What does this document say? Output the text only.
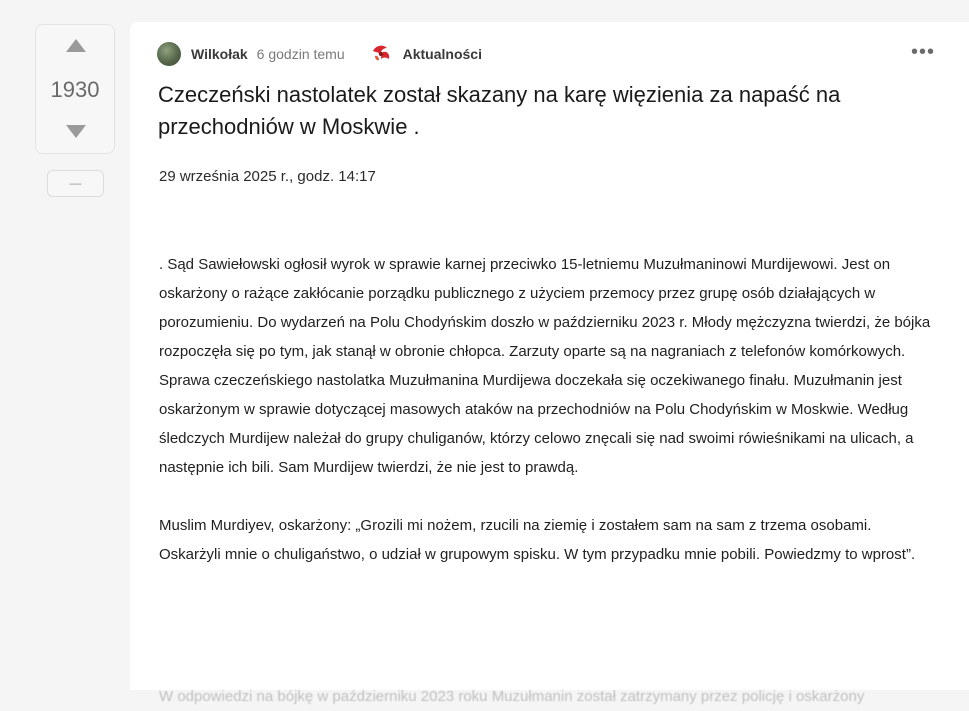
1930
—
Wilkołak 6 godzin temu	Aktualności	•••
Czeczeński nastolatek został skazany na karę więzienia za napaść na przechodniów w Moskwie .
29 września 2025 r., godz. 14:17

. Sąd Sawiełowski ogłosił wyrok w sprawie karnej przeciwko 15-letniemu Muzułmaninowi Murdijewowi. Jest on oskarżony o rażące zakłócanie porządku publicznego z użyciem przemocy przez grupę osób działających w porozumieniu. Do wydarzeń na Polu Chodyńskim doszło w październiku 2023 r. Młody mężczyzna twierdzi, że bójka rozpoczęła się po tym, jak stanął w obronie chłopca. Zarzuty oparte są na nagraniach z telefonów komórkowych.

Sprawa czeczeńskiego nastolatka Muzułmanina Murdijewa doczekała się oczekiwanego finału. Muzułmanin jest oskarżonym w sprawie dotyczącej masowych ataków na przechodniów na Polu Chodyńskim w Moskwie. Według śledczych Murdijew należał do grupy chuliganów, którzy celowo znęcali się nad swoimi rówieśnikami na ulicach, a następnie ich bili. Sam Murdijew twierdzi, że nie jest to prawdą.

Muslim Murdiyev, oskarżony: „Grozili mi nożem, rzucili na ziemię i zostałem sam na sam z trzema osobami. Oskarżyli mnie o chuligaństwo, o udział w grupowym spisku. W tym przypadku mnie pobili. Powiedzmy to wprost”.

W odpowiedzi na bójkę w październiku 2023 roku Muzułmanin został zatrzymany przez policję i oskarżony
